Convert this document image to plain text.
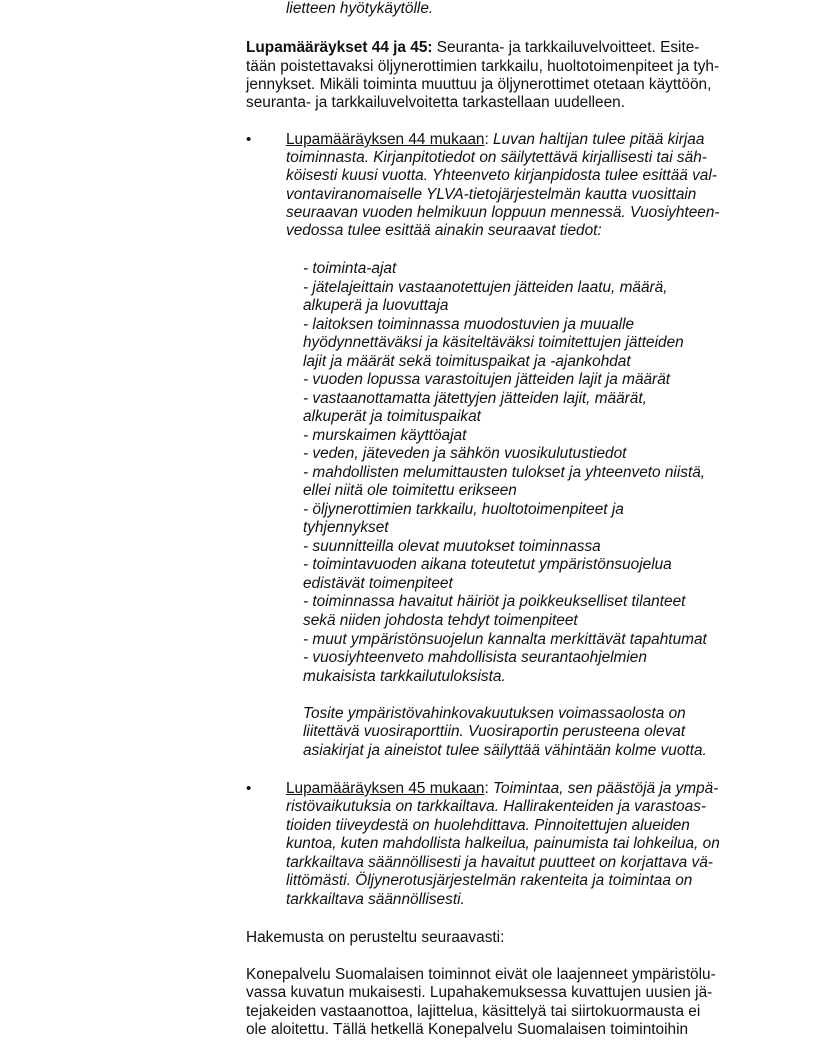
lietteen hyötykäytölle.
Lupamääräykset 44 ja 45: Seuranta- ja tarkkailuvelvoitteet. Esite-
tään poistettavaksi öljynerottimien tarkkailu, huoltotoimenpiteet ja tyh-
jennykset. Mikäli toiminta muuttuu ja öljynerottimet otetaan käyttöön,
seuranta- ja tarkkailuvelvoitetta tarkastellaan uudelleen.
• Lupamääräyksen 44 mukaan: Luvan haltijan tulee pitää kirjaa
toiminnasta. Kirjanpitotiedot on säilytettävä kirjallisesti tai säh-
köisesti kuusi vuotta. Yhteenveto kirjanpidosta tulee esittää val-
vontaviranomaiselle YLVA-tietojärjestelmän kautta vuosittain
seuraavan vuoden helmikuun loppuun mennessä. Vuosiyhteen-
vedossa tulee esittää ainakin seuraavat tiedot:
- toiminta-ajat
- jätelajeittain vastaanotettujen jätteiden laatu, määrä,
alkuperä ja luovuttaja
- laitoksen toiminnassa muodostuvien ja muualle
hyödynnettäväksi ja käsiteltäväksi toimitettujen jätteiden
lajit ja määrät sekä toimituspaikat ja -ajankohdat
- vuoden lopussa varastoitujen jätteiden lajit ja määrät
- vastaanottamatta jätettyjen jätteiden lajit, määrät,
alkuperät ja toimituspaikat
- murskaimen käyttöajat
- veden, jäteveden ja sähkön vuosikulutustiedot
- mahdollisten melumittausten tulokset ja yhteenveto niistä,
ellei niitä ole toimitettu erikseen
- öljynerottimien tarkkailu, huoltotoimenpiteet ja
tyhjennykset
- suunnitteilla olevat muutokset toiminnassa
- toimintavuoden aikana toteutetut ympäristönsuojelua
edistävät toimenpiteet
- toiminnassa havaitut häiriöt ja poikkeukselliset tilanteet
sekä niiden johdosta tehdyt toimenpiteet
- muut ympäristönsuojelun kannalta merkittävät tapahtumat
- vuosiyhteenveto mahdollisista seurantaohjelmien
mukaisista tarkkailutuloksista.
Tosite ympäristövahinkovakuutuksen voimassaolosta on
liitettävä vuosiraporttiin. Vuosiraportin perusteena olevat
asiakirjat ja aineistot tulee säilyttää vähintään kolme vuotta.
• Lupamääräyksen 45 mukaan: Toimintaa, sen päästöjä ja ympä-
ristövaikutuksia on tarkkailtava. Hallirakenteiden ja varastoas-
tioiden tiiveydestä on huolehdittava. Pinnoitettujen alueiden
kuntoa, kuten mahdollista halkeilua, painumista tai lohkeilua, on
tarkkailtava säännöllisesti ja havaitut puutteet on korjattava vä-
littömästi. Öljynerotusjärjestelmän rakenteita ja toimintaa on
tarkkailtava säännöllisesti.
Hakemusta on perusteltu seuraavasti:
Konepalvelu Suomalaisen toiminnot eivät ole laajenneet ympäristölu-
vassa kuvatun mukaisesti. Lupahakemuksessa kuvattujen uusien jä-
tejakeiden vastaanottoa, lajittelua, käsittelyä tai siirtokuormausta ei
ole aloitettu. Tällä hetkellä Konepalvelu Suomalaisen toimintoihin
